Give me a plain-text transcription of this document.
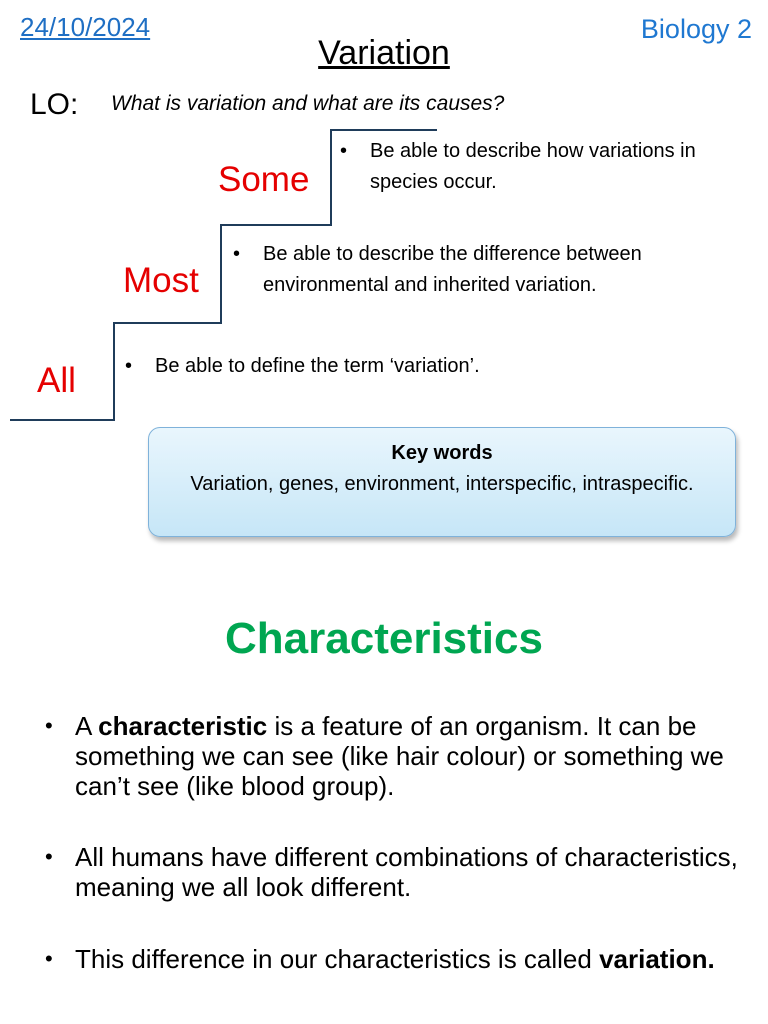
24/10/2024	Biology 2
Variation
LO: What is variation and what are its causes?
Some
Most
All
• Be able to describe how variations in species occur.
• Be able to describe the difference between environmental and inherited variation.
• Be able to define the term ‘variation’.
Key words
Variation, genes, environment, interspecific, intraspecific.
Characteristics
• A characteristic is a feature of an organism. It can be something we can see (like hair colour) or something we can’t see (like blood group).
• All humans have different combinations of characteristics, meaning we all look different.
• This difference in our characteristics is called variation.
